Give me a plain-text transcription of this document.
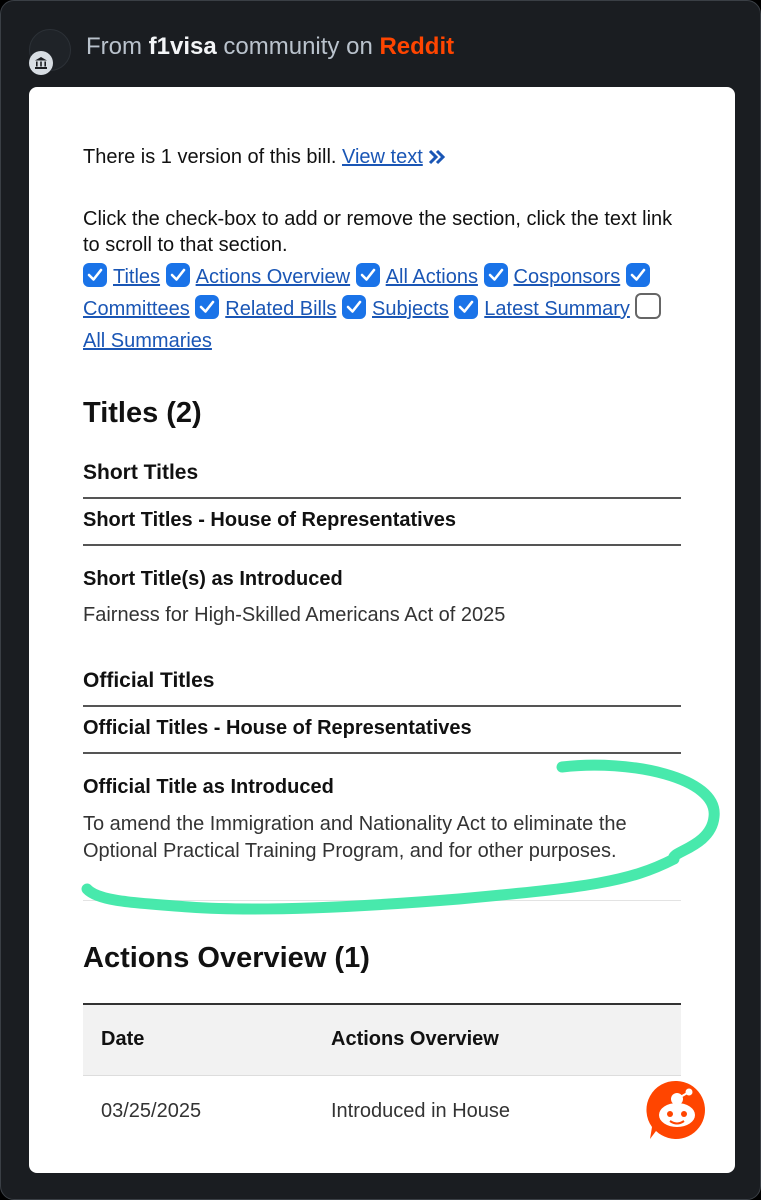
From f1visa community on Reddit
There is 1 version of this bill. View text
Click the check-box to add or remove the section, click the text link to scroll to that section.
Titles Actions Overview All Actions Cosponsors
Committees Related Bills Subjects Latest Summary All Summaries
Titles (2)
Short Titles
Short Titles - House of Representatives
Short Title(s) as Introduced
Fairness for High-Skilled Americans Act of 2025
Official Titles
Official Titles - House of Representatives
Official Title as Introduced
To amend the Immigration and Nationality Act to eliminate the
Optional Practical Training Program, and for other purposes.
Actions Overview (1)
Date	Actions Overview
03/25/2025	Introduced in House
